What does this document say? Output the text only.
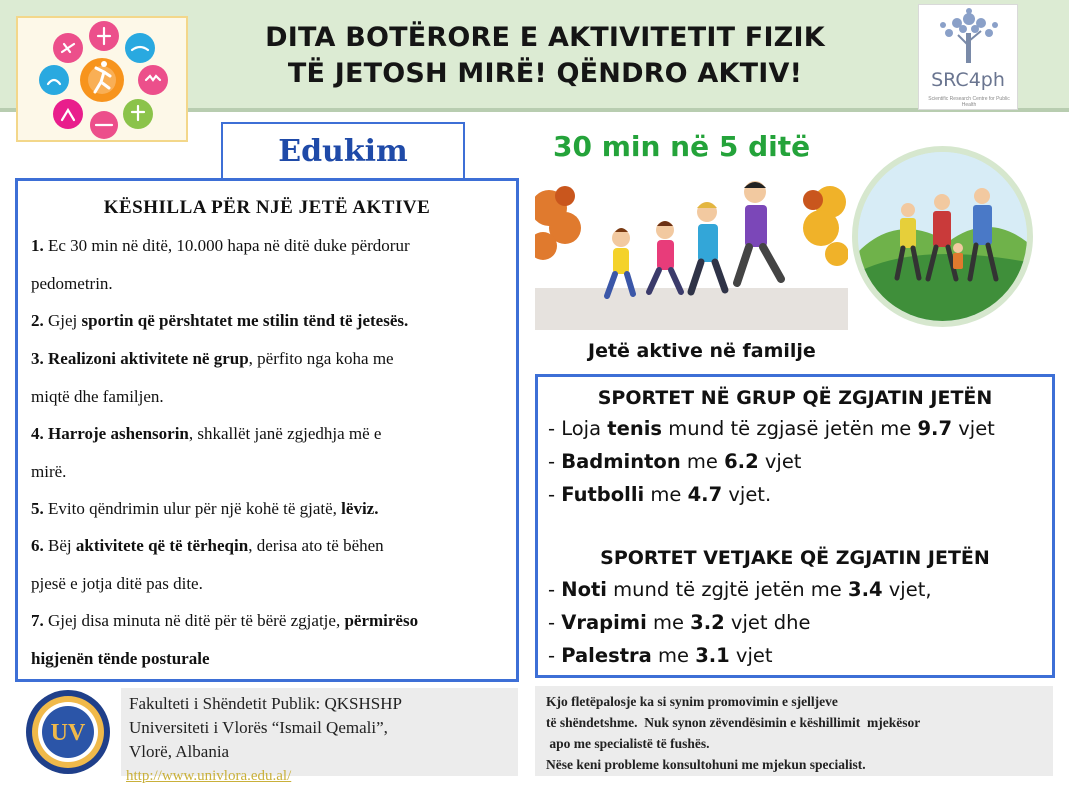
DITA BOTËRORE E AKTIVITETIT FIZIK
TË JETOSH MIRË! QËNDRO AKTIV!	SRC4ph
Scientific Research Centre for Public Health
Edukim
KËSHILLA PËR NJË JETË AKTIVE
1. Ec 30 min në ditë, 10.000 hapa në ditë duke përdorur
pedometrin.
2. Gjej sportin që përshtatet me stilin tënd të jetesës.
3. Realizoni aktivitete në grup, përfito nga koha me
miqtë dhe familjen.
4. Harroje ashensorin, shkallët janë zgjedhja më e
mirë.
5. Evito qëndrimin ulur për një kohë të gjatë, lëviz.
6. Bëj aktivitete që të tërheqin, derisa ato të bëhen
pjesë e jotja ditë pas dite.
7. Gjej disa minuta në ditë për të bërë zgjatje, përmirëso
higjenën tënde posturale
30 min në 5 ditë
Jetë aktive në familje
SPORTET NË GRUP QË ZGJATIN JETËN
- Loja tenis mund të zgjasë jetën me 9.7 vjet
- Badminton me 6.2 vjet
- Futbolli me 4.7 vjet.
SPORTET VETJAKE QË ZGJATIN JETËN
- Noti mund të zgjtë jetën me 3.4 vjet,
- Vrapimi me 3.2 vjet dhe
- Palestra me 3.1 vjet
UV
Fakulteti i Shëndetit Publik: QKSHSHP
Universiteti i Vlorës “Ismail Qemali”,
Vlorë, Albania
http://www.univlora.edu.al/
Kjo fletëpalosje ka si synim promovimin e sjelljeve
të shëndetshme.  Nuk synon zëvendësimin e këshillimit  mjekësor
apo me specialistë të fushës.
Nëse keni probleme konsultohuni me mjekun specialist.
